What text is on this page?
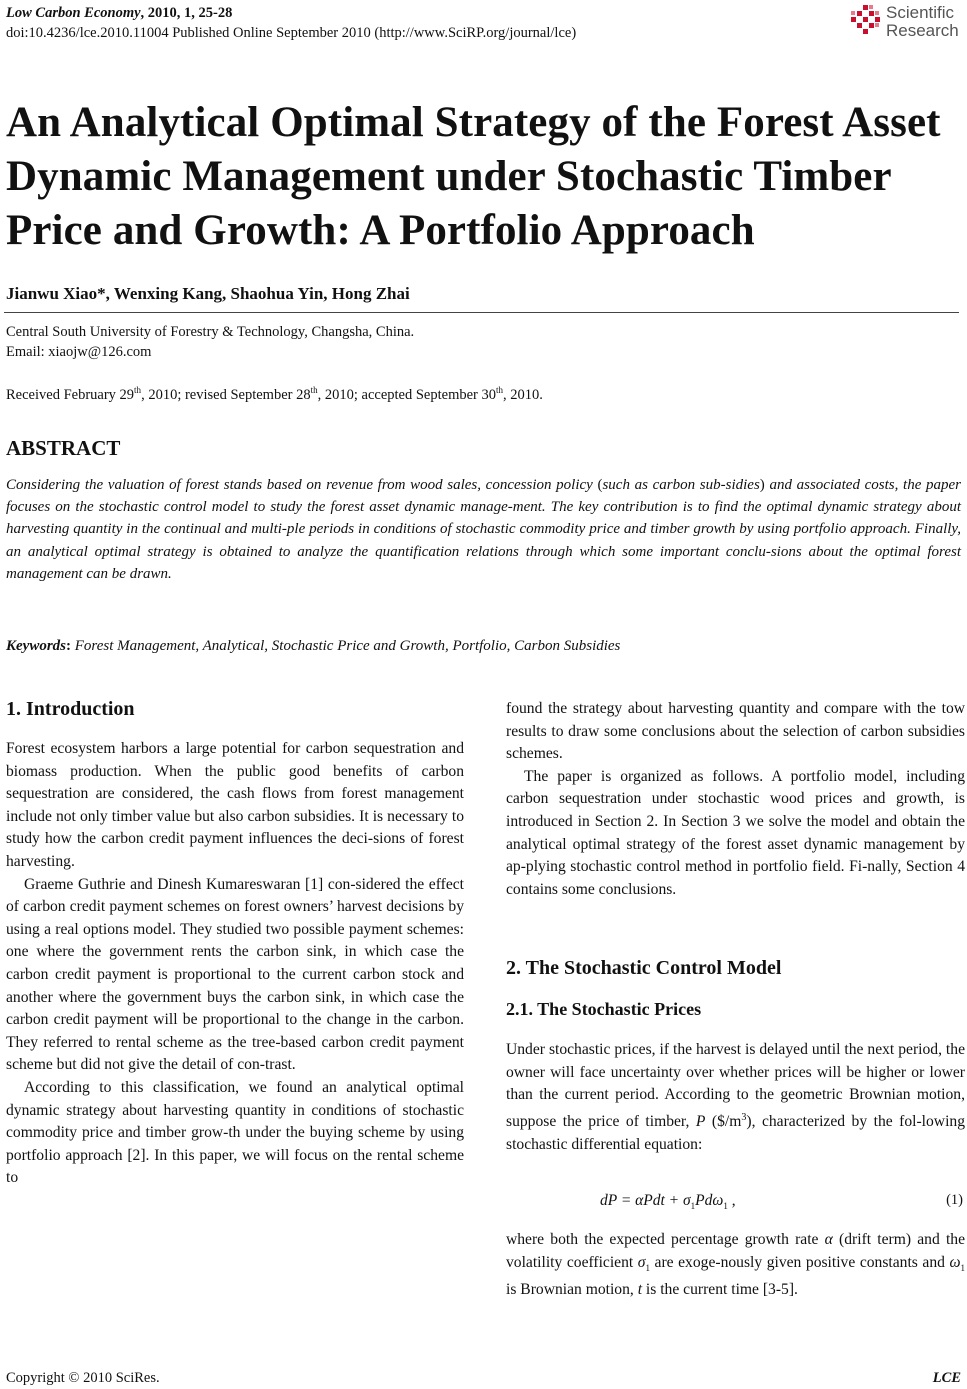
Low Carbon Economy, 2010, 1, 25-28
doi:10.4236/lce.2010.11004 Published Online September 2010 (http://www.SciRP.org/journal/lce)
Scientific
Research
An Analytical Optimal Strategy of the Forest Asset
Dynamic Management under Stochastic Timber
Price and Growth: A Portfolio Approach
Jianwu Xiao*, Wenxing Kang, Shaohua Yin, Hong Zhai
Central South University of Forestry & Technology, Changsha, China.
Email: xiaojw@126.com
Received February 29th, 2010; revised September 28th, 2010; accepted September 30th, 2010.
ABSTRACT
Considering the valuation of forest stands based on revenue from wood sales, concession policy (such as carbon sub-sidies) and associated costs, the paper focuses on the stochastic control model to study the forest asset dynamic manage-ment. The key contribution is to find the optimal dynamic strategy about harvesting quantity in the continual and multi-ple periods in conditions of stochastic commodity price and timber growth by using portfolio approach. Finally, an analytical optimal strategy is obtained to analyze the quantification relations through which some important conclu-sions about the optimal forest management can be drawn.
Keywords: Forest Management, Analytical, Stochastic Price and Growth, Portfolio, Carbon Subsidies
1. Introduction

Forest ecosystem harbors a large potential for carbon sequestration and biomass production. When the public good benefits of carbon sequestration are considered, the cash flows from forest management include not only timber value but also carbon subsidies. It is necessary to study how the carbon credit payment influences the deci-sions of forest harvesting.

Graeme Guthrie and Dinesh Kumareswaran [1] con-sidered the effect of carbon credit payment schemes on forest owners’ harvest decisions by using a real options model. They studied two possible payment schemes: one where the government rents the carbon sink, in which case the carbon credit payment is proportional to the current carbon stock and another where the government buys the carbon sink, in which case the carbon credit payment will be proportional to the change in the carbon. They referred to rental scheme as the tree-based carbon credit payment scheme but did not give the detail of con-trast.

According to this classification, we found an analytical optimal dynamic strategy about harvesting quantity in conditions of stochastic commodity price and timber grow-th under the buying scheme by using portfolio approach [2]. In this paper, we will focus on the rental scheme to

found the strategy about harvesting quantity and compare with the tow results to draw some conclusions about the selection of carbon subsidies schemes.

The paper is organized as follows. A portfolio model, including carbon sequestration under stochastic wood prices and growth, is introduced in Section 2. In Section 3 we solve the model and obtain the analytical optimal strategy of the forest asset dynamic management by ap-plying stochastic control method in portfolio field. Fi-nally, Section 4 contains some conclusions.

2. The Stochastic Control Model
2.1. The Stochastic Prices

Under stochastic prices, if the harvest is delayed until the next period, the owner will face uncertainty over whether prices will be higher or lower than the current period. According to the geometric Brownian motion, suppose the price of timber, P $(\$/m^3)$, characterized by the fol-lowing stochastic differential equation:

dP = $\alpha Pdt + \sigma_1Pd\omega_1$ ,	(1)

where both the expected percentage growth rate α (drift term) and the volatility coefficient $\sigma_1$ are exoge-nously given positive constants and $\omega_1$ is Brownian motion, t is the current time [3-5].

Copyright © 2010 SciRes.	LCE
